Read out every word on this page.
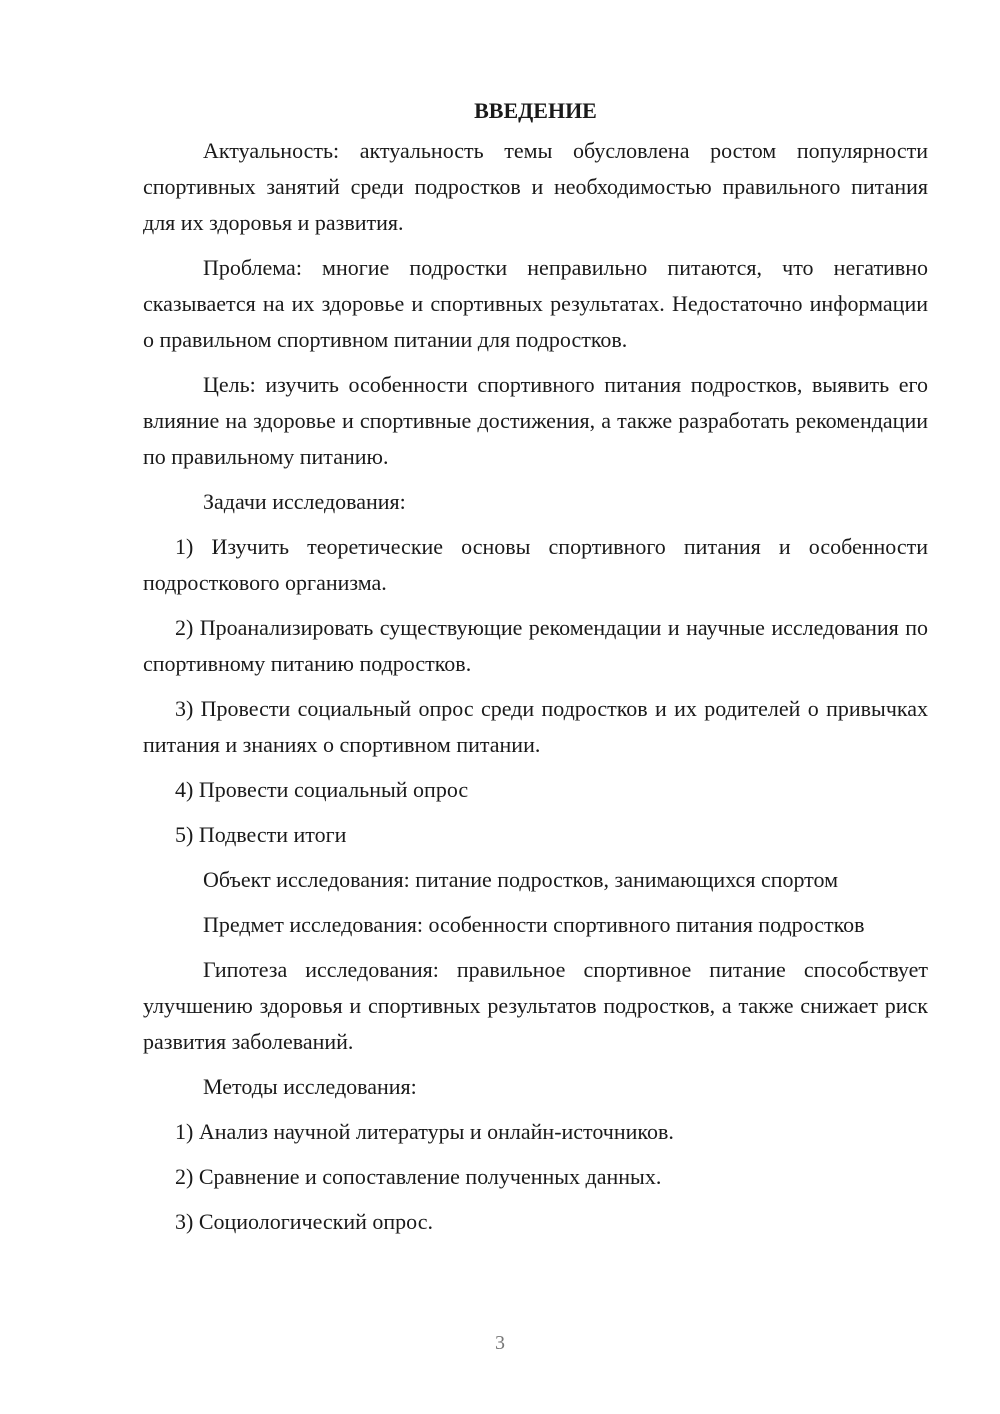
ВВЕДЕНИЕ

Актуальность: актуальность темы обусловлена ростом популярности спортивных занятий среди подростков и необходимостью правильного питания для их здоровья и развития.

Проблема: многие подростки неправильно питаются, что негативно сказывается на их здоровье и спортивных результатах. Недостаточно информации о правильном спортивном питании для подростков.

Цель: изучить особенности спортивного питания подростков, выявить его влияние на здоровье и спортивные достижения, а также разработать рекомендации по правильному питанию.

Задачи исследования:

1) Изучить теоретические основы спортивного питания и особенности подросткового организма.

2) Проанализировать существующие рекомендации и научные исследования по спортивному питанию подростков.

3) Провести социальный опрос среди подростков и их родителей о привычках питания и знаниях о спортивном питании.

4) Провести социальный опрос

5) Подвести итоги

Объект исследования: питание подростков, занимающихся спортом

Предмет исследования: особенности спортивного питания подростков

Гипотеза исследования: правильное спортивное питание способствует улучшению здоровья и спортивных результатов подростков, а также снижает риск развития заболеваний.

Методы исследования:

1) Анализ научной литературы и онлайн-источников.

2) Сравнение и сопоставление полученных данных.

3) Социологический опрос.

3
